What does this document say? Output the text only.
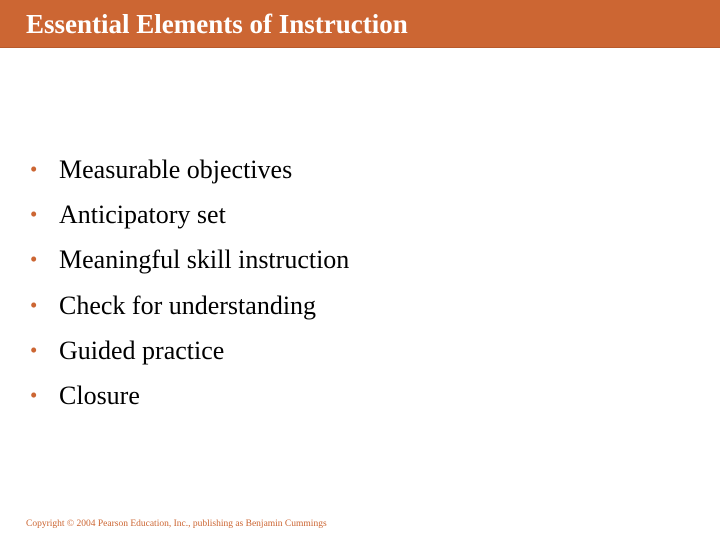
Essential Elements of Instruction
• Measurable objectives
• Anticipatory set
• Meaningful skill instruction
• Check for understanding
• Guided practice
• Closure
Copyright © 2004 Pearson Education, Inc., publishing as Benjamin Cummings
